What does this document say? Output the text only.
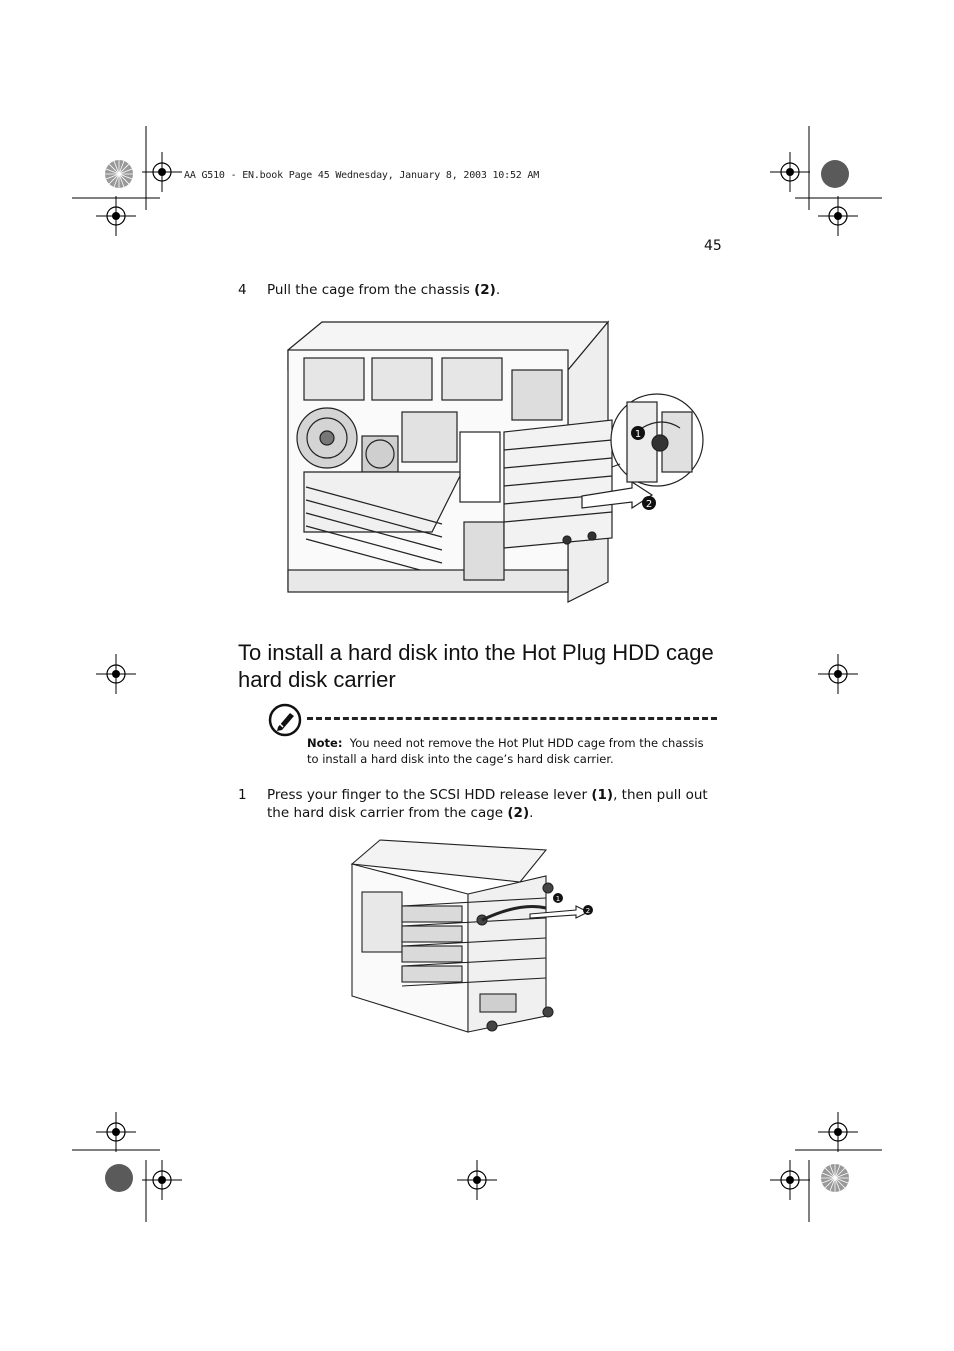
AA G510 - EN.book Page 45 Wednesday, January 8, 2003 10:52 AM
45
4 Pull the cage from the chassis (2).
1
2
To install a hard disk into the Hot Plug HDD cage hard disk carrier
Note: You need not remove the Hot Plut HDD cage from the chassis to install a hard disk into the cage’s hard disk carrier.
1 Press your finger to the SCSI HDD release lever (1), then pull out the hard disk carrier from the cage (2).
1
2
